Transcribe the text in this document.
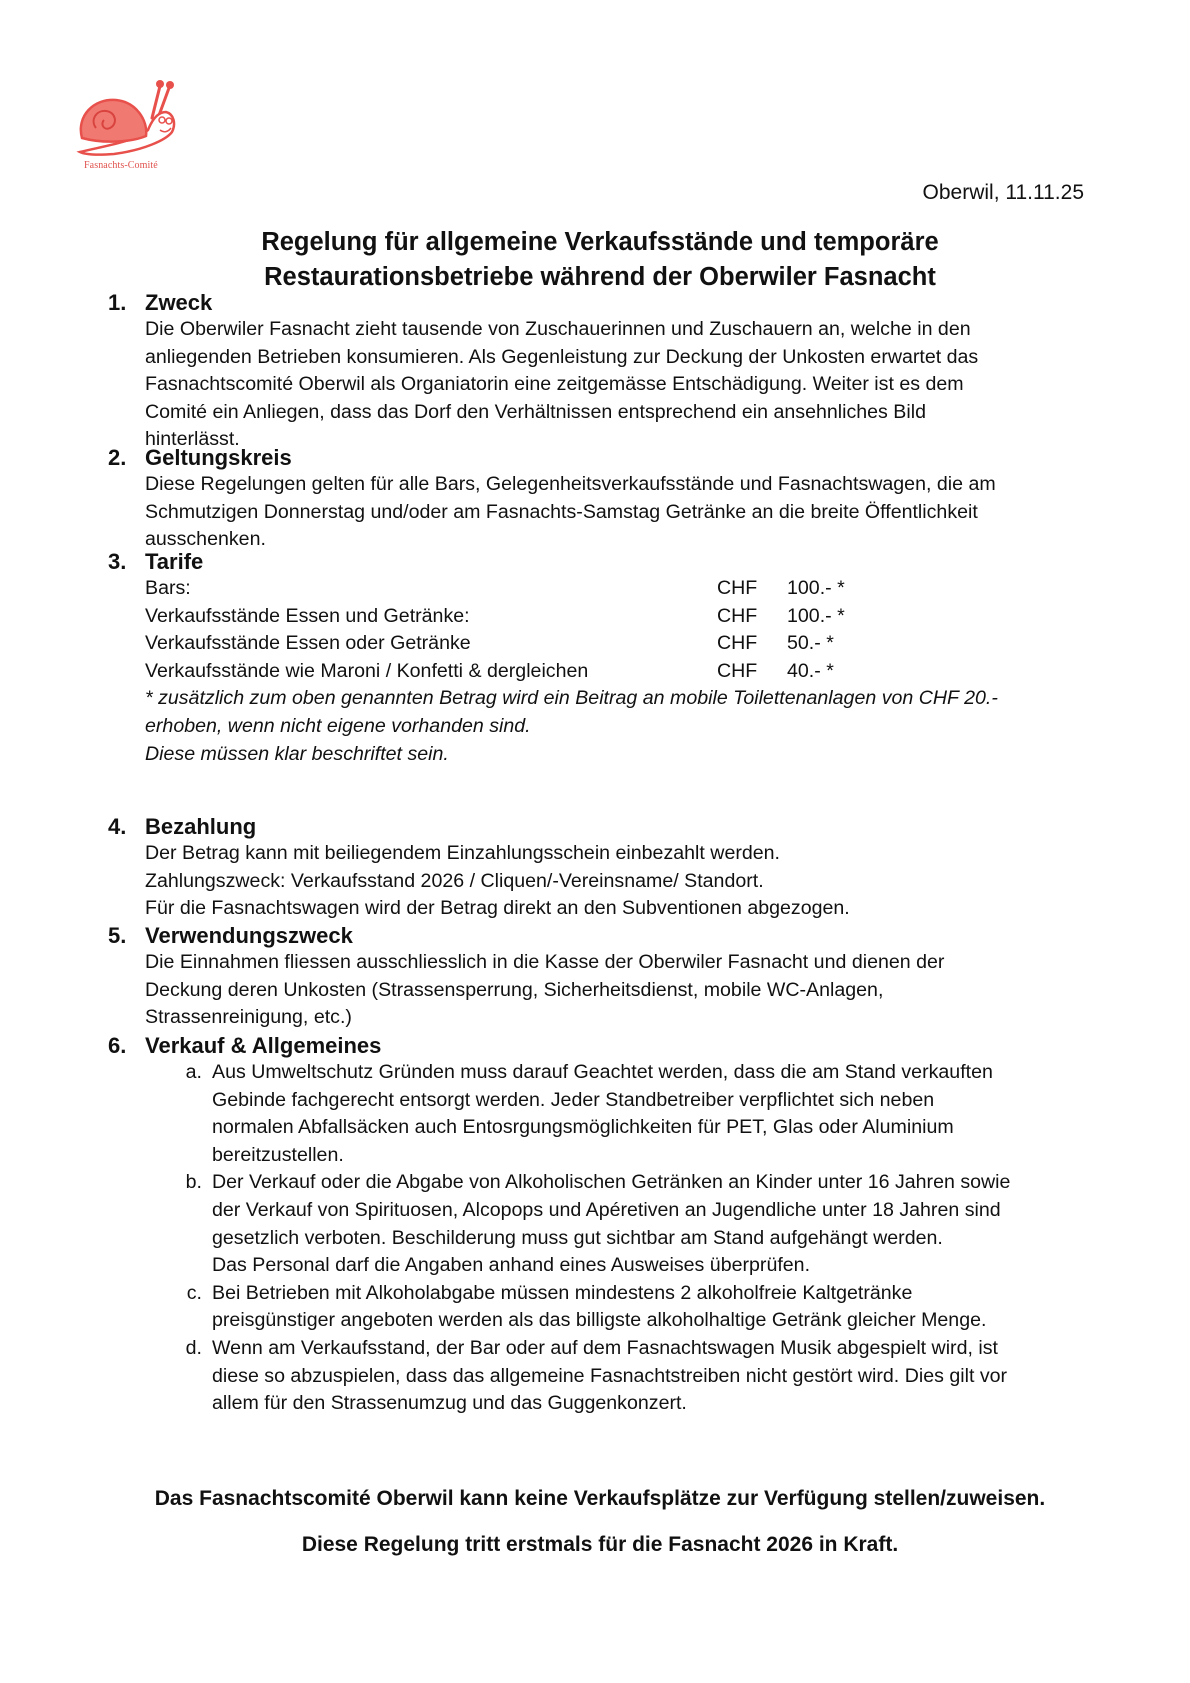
Fasnachts-Comité
Oberwil, 11.11.25
Regelung für allgemeine Verkaufsstände und temporäre
Restaurationsbetriebe während der Oberwiler Fasnacht
1. Zweck
Die Oberwiler Fasnacht zieht tausende von Zuschauerinnen und Zuschauern an, welche in den
anliegenden Betrieben konsumieren. Als Gegenleistung zur Deckung der Unkosten erwartet das
Fasnachtscomité Oberwil als Organiatorin eine zeitgemässe Entschädigung. Weiter ist es dem
Comité ein Anliegen, dass das Dorf den Verhältnissen entsprechend ein ansehnliches Bild
hinterlässt.
2. Geltungskreis
Diese Regelungen gelten für alle Bars, Gelegenheitsverkaufsstände und Fasnachtswagen, die am
Schmutzigen Donnerstag und/oder am Fasnachts-Samstag Getränke an die breite Öffentlichkeit
ausschenken.
3. Tarife
Bars:	CHF	100.- *
Verkaufsstände Essen und Getränke:	CHF	100.- *
Verkaufsstände Essen oder Getränke	CHF	50.- *
Verkaufsstände wie Maroni / Konfetti & dergleichen	CHF	40.- *
* zusätzlich zum oben genannten Betrag wird ein Beitrag an mobile Toilettenanlagen von CHF 20.-
erhoben, wenn nicht eigene vorhanden sind.
Diese müssen klar beschriftet sein.
4. Bezahlung
Der Betrag kann mit beiliegendem Einzahlungsschein einbezahlt werden.
Zahlungszweck: Verkaufsstand 2026 / Cliquen/-Vereinsname/ Standort.
Für die Fasnachtswagen wird der Betrag direkt an den Subventionen abgezogen.
5. Verwendungszweck
Die Einnahmen fliessen ausschliesslich in die Kasse der Oberwiler Fasnacht und dienen der
Deckung deren Unkosten (Strassensperrung, Sicherheitsdienst, mobile WC-Anlagen,
Strassenreinigung, etc.)
6. Verkauf & Allgemeines
a. Aus Umweltschutz Gründen muss darauf Geachtet werden, dass die am Stand verkauften
Gebinde fachgerecht entsorgt werden. Jeder Standbetreiber verpflichtet sich neben
normalen Abfallsäcken auch Entosrgungsmöglichkeiten für PET, Glas oder Aluminium
bereitzustellen.
b. Der Verkauf oder die Abgabe von Alkoholischen Getränken an Kinder unter 16 Jahren sowie
der Verkauf von Spirituosen, Alcopops und Apéretiven an Jugendliche unter 18 Jahren sind
gesetzlich verboten. Beschilderung muss gut sichtbar am Stand aufgehängt werden.
Das Personal darf die Angaben anhand eines Ausweises überprüfen.
c. Bei Betrieben mit Alkoholabgabe müssen mindestens 2 alkoholfreie Kaltgetränke
preisgünstiger angeboten werden als das billigste alkoholhaltige Getränk gleicher Menge.
d. Wenn am Verkaufsstand, der Bar oder auf dem Fasnachtswagen Musik abgespielt wird, ist
diese so abzuspielen, dass das allgemeine Fasnachtstreiben nicht gestört wird. Dies gilt vor
allem für den Strassenumzug und das Guggenkonzert.
Das Fasnachtscomité Oberwil kann keine Verkaufsplätze zur Verfügung stellen/zuweisen.
Diese Regelung tritt erstmals für die Fasnacht 2026 in Kraft.
